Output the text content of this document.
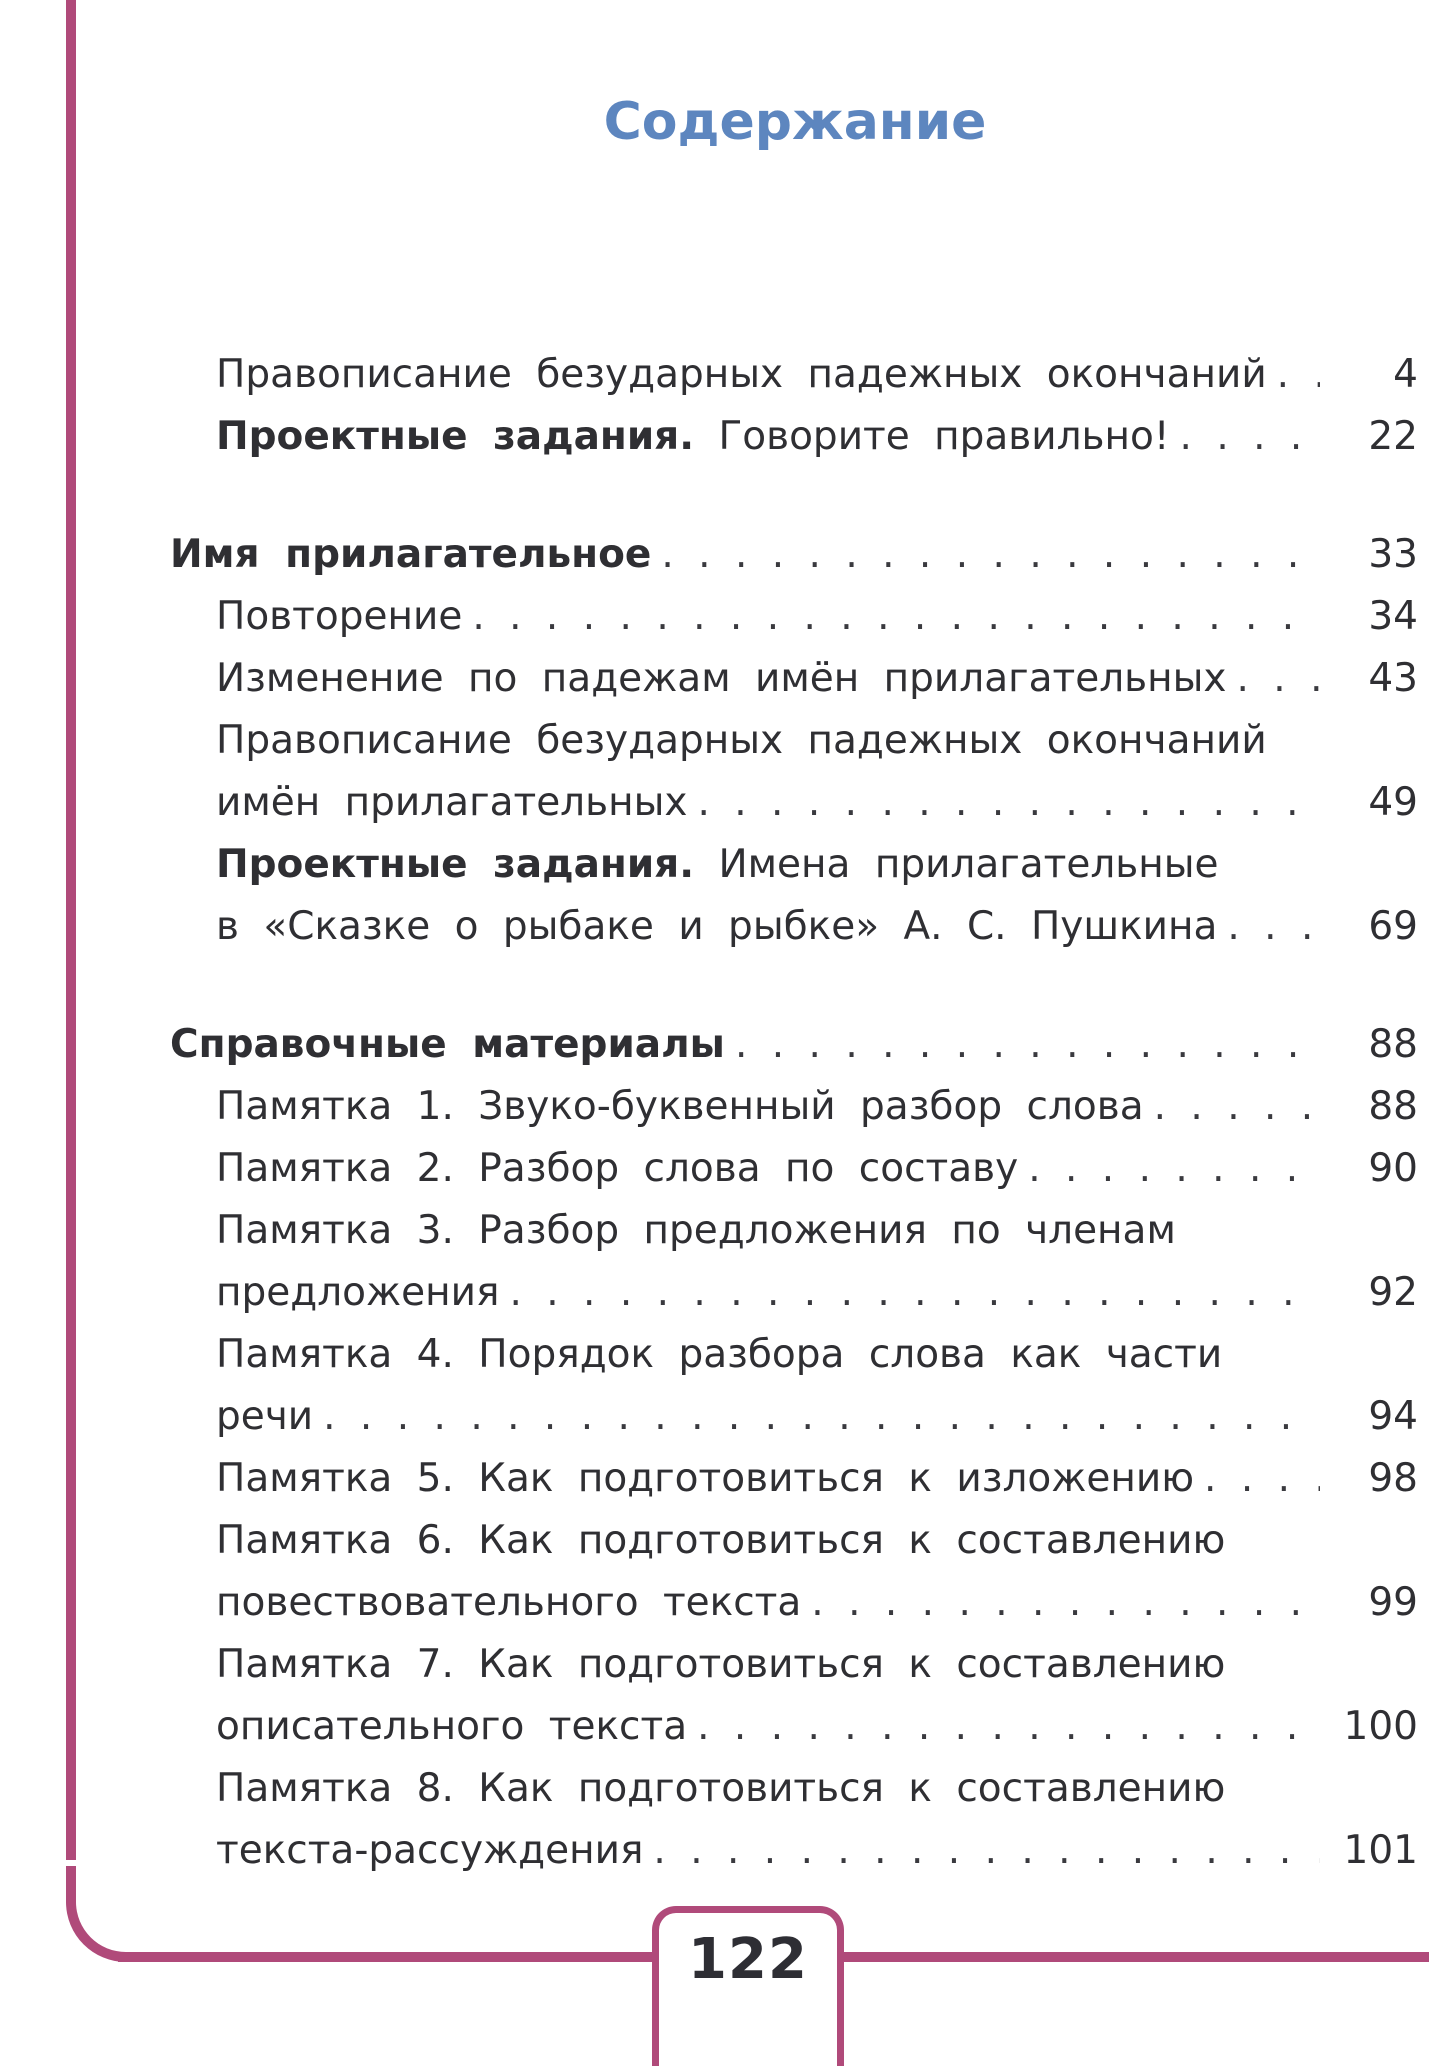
Содержание
Правописание безударных падежных окончаний . . .	4
Проектные задания. Говорите правильно! . . .	22
Имя прилагательное . . .	33
Повторение . . .	34
Изменение по падежам имён прилагательных . . .	43
Правописание безударных падежных окончаний
имён прилагательных . . .	49
Проектные задания. Имена прилагательные
в «Сказке о рыбаке и рыбке» А. С. Пушкина . . .	69
Справочные материалы . . .	88
Памятка 1. Звуко-буквенный разбор слова . . .	88
Памятка 2. Разбор слова по составу . . .	90
Памятка 3. Разбор предложения по членам
предложения . . .	92
Памятка 4. Порядок разбора слова как части
речи . . .	94
Памятка 5. Как подготовиться к изложению . . .	98
Памятка 6. Как подготовиться к составлению
повествовательного текста . . .	99
Памятка 7. Как подготовиться к составлению
описательного текста . . .	100
Памятка 8. Как подготовиться к составлению
текста-рассуждения . . .	101
122
